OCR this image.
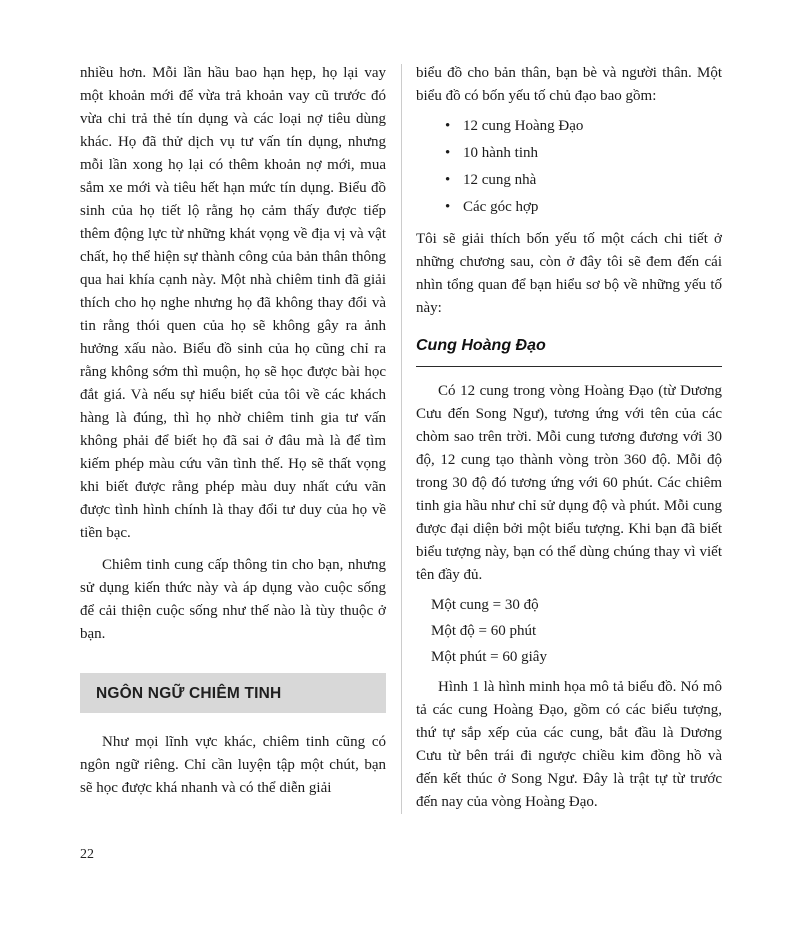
nhiều hơn. Mỗi lần hầu bao hạn hẹp, họ lại vay một khoản mới để vừa trả khoản vay cũ trước đó vừa chi trả thẻ tín dụng và các loại nợ tiêu dùng khác. Họ đã thử dịch vụ tư vấn tín dụng, nhưng mỗi lần xong họ lại có thêm khoản nợ mới, mua sắm xe mới và tiêu hết hạn mức tín dụng. Biểu đồ sinh của họ tiết lộ rằng họ cảm thấy được tiếp thêm động lực từ những khát vọng về địa vị và vật chất, họ thể hiện sự thành công của bản thân thông qua hai khía cạnh này. Một nhà chiêm tinh đã giải thích cho họ nghe nhưng họ đã không thay đổi và tin rằng thói quen của họ sẽ không gây ra ảnh hưởng xấu nào. Biểu đồ sinh của họ cũng chỉ ra rằng không sớm thì muộn, họ sẽ học được bài học đắt giá. Và nếu sự hiểu biết của tôi về các khách hàng là đúng, thì họ nhờ chiêm tinh gia tư vấn không phải để biết họ đã sai ở đâu mà là để tìm kiếm phép màu cứu vãn tình thế. Họ sẽ thất vọng khi biết được rằng phép màu duy nhất cứu vãn được tình hình chính là thay đổi tư duy của họ về tiền bạc.

Chiêm tinh cung cấp thông tin cho bạn, nhưng sử dụng kiến thức này và áp dụng vào cuộc sống để cải thiện cuộc sống như thế nào là tùy thuộc ở bạn.

NGÔN NGỮ CHIÊM TINH

Như mọi lĩnh vực khác, chiêm tinh cũng có ngôn ngữ riêng. Chỉ cần luyện tập một chút, bạn sẽ học được khá nhanh và có thể diễn giải

biểu đồ cho bản thân, bạn bè và người thân. Một biểu đồ có bốn yếu tố chủ đạo bao gồm:

• 12 cung Hoàng Đạo
• 10 hành tinh
• 12 cung nhà
• Các góc hợp

Tôi sẽ giải thích bốn yếu tố một cách chi tiết ở những chương sau, còn ở đây tôi sẽ đem đến cái nhìn tổng quan để bạn hiểu sơ bộ về những yếu tố này:

Cung Hoàng Đạo

Có 12 cung trong vòng Hoàng Đạo (từ Dương Cưu đến Song Ngư), tương ứng với tên của các chòm sao trên trời. Mỗi cung tương đương với 30 độ, 12 cung tạo thành vòng tròn 360 độ. Mỗi độ trong 30 độ đó tương ứng với 60 phút. Các chiêm tinh gia hầu như chỉ sử dụng độ và phút. Mỗi cung được đại diện bởi một biểu tượng. Khi bạn đã biết biểu tượng này, bạn có thể dùng chúng thay vì viết tên đầy đủ.

Một cung = 30 độ

Một độ = 60 phút

Một phút = 60 giây

Hình 1 là hình minh họa mô tả biểu đồ. Nó mô tả các cung Hoàng Đạo, gồm có các biểu tượng, thứ tự sắp xếp của các cung, bắt đầu là Dương Cưu từ bên trái đi ngược chiều kim đồng hồ và đến kết thúc ở Song Ngư. Đây là trật tự từ trước đến nay của vòng Hoàng Đạo.

22
